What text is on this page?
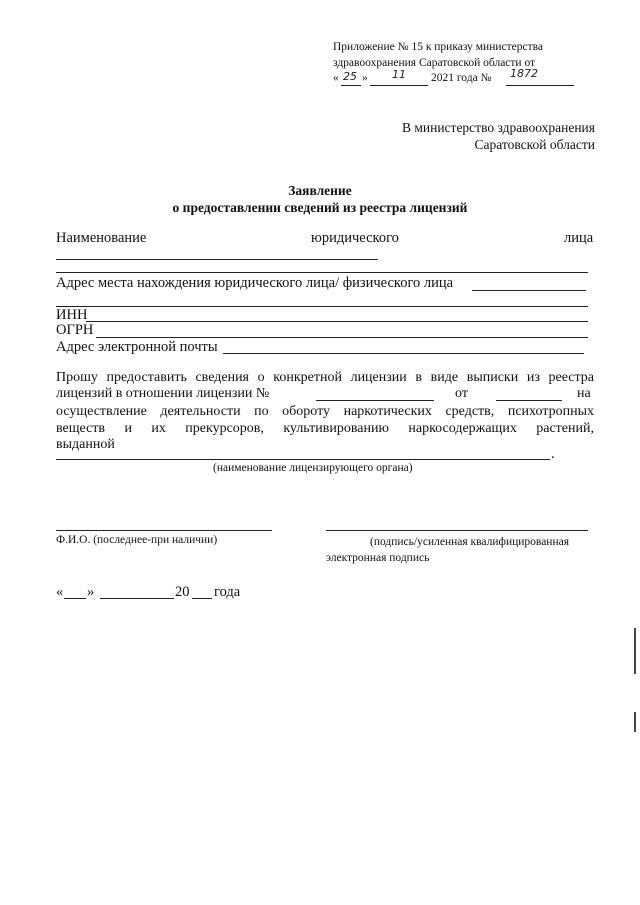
Приложение № 15 к приказу министерства
здравоохранения Саратовской области от
« 25 » 11 2021 года № 1872
В министерство здравоохранения
Саратовской области
Заявление
о предоставлении сведений из реестра лицензий
Наименование	юридического	лица
Адрес места нахождения юридического лица/ физического лица
ИНН
ОГРН
Адрес электронной почты
Прошу предоставить сведения о конкретной лицензии в виде выписки из реестра
лицензий в отношении лицензии №	от	на
осуществление деятельности по обороту наркотических средств, психотропных
веществ и их прекурсоров, культивированию наркосодержащих растений,
выданной
.
(наименование лицензирующего органа)
Ф.И.О. (последнее-при наличии)	(подпись/усиленная квалифицированная
электронная подпись
« »	20 года
